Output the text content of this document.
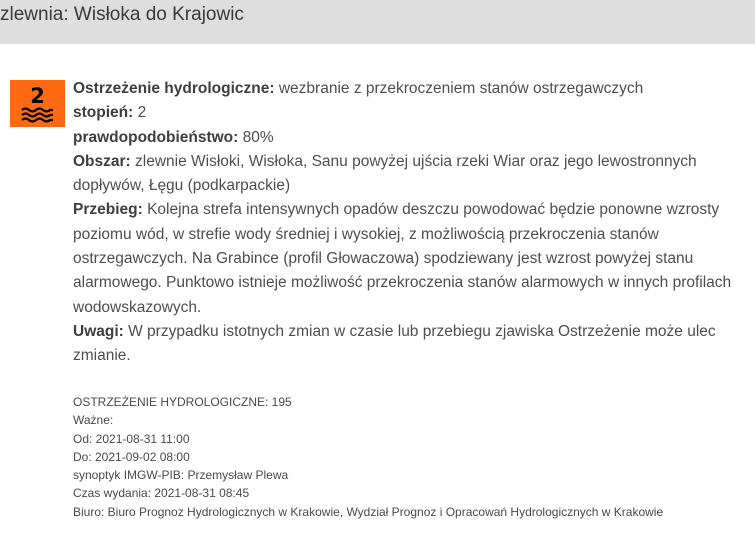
zlewnia: Wisłoka do Krajowic
2	Ostrzeżenie hydrologiczne: wezbranie z przekroczeniem stanów ostrzegawczych

stopień: 2

prawdopodobieństwo: 80%

Obszar: zlewnie Wisłoki, Wisłoka, Sanu powyżej ujścia rzeki Wiar oraz jego lewostronnych dopływów, Łęgu (podkarpackie)

Przebieg: Kolejna strefa intensywnych opadów deszczu powodować będzie ponowne wzrosty poziomu wód, w strefie wody średniej i wysokiej, z możliwością przekroczenia stanów ostrzegawczych. Na Grabince (profil Głowaczowa) spodziewany jest wzrost powyżej stanu alarmowego. Punktowo istnieje możliwość przekroczenia stanów alarmowych w innych profilach wodowskazowych.

Uwagi: W przypadku istotnych zmian w czasie lub przebiegu zjawiska Ostrzeżenie może ulec zmianie.

OSTRZEŻENIE HYDROLOGICZNE: 195
Ważne:
Od: 2021-08-31 11:00
Do: 2021-09-02 08:00
synoptyk IMGW-PIB: Przemysław Plewa
Czas wydania: 2021-08-31 08:45
Biuro: Biuro Prognoz Hydrologicznych w Krakowie, Wydział Prognoz i Opracowań Hydrologicznych w Krakowie
